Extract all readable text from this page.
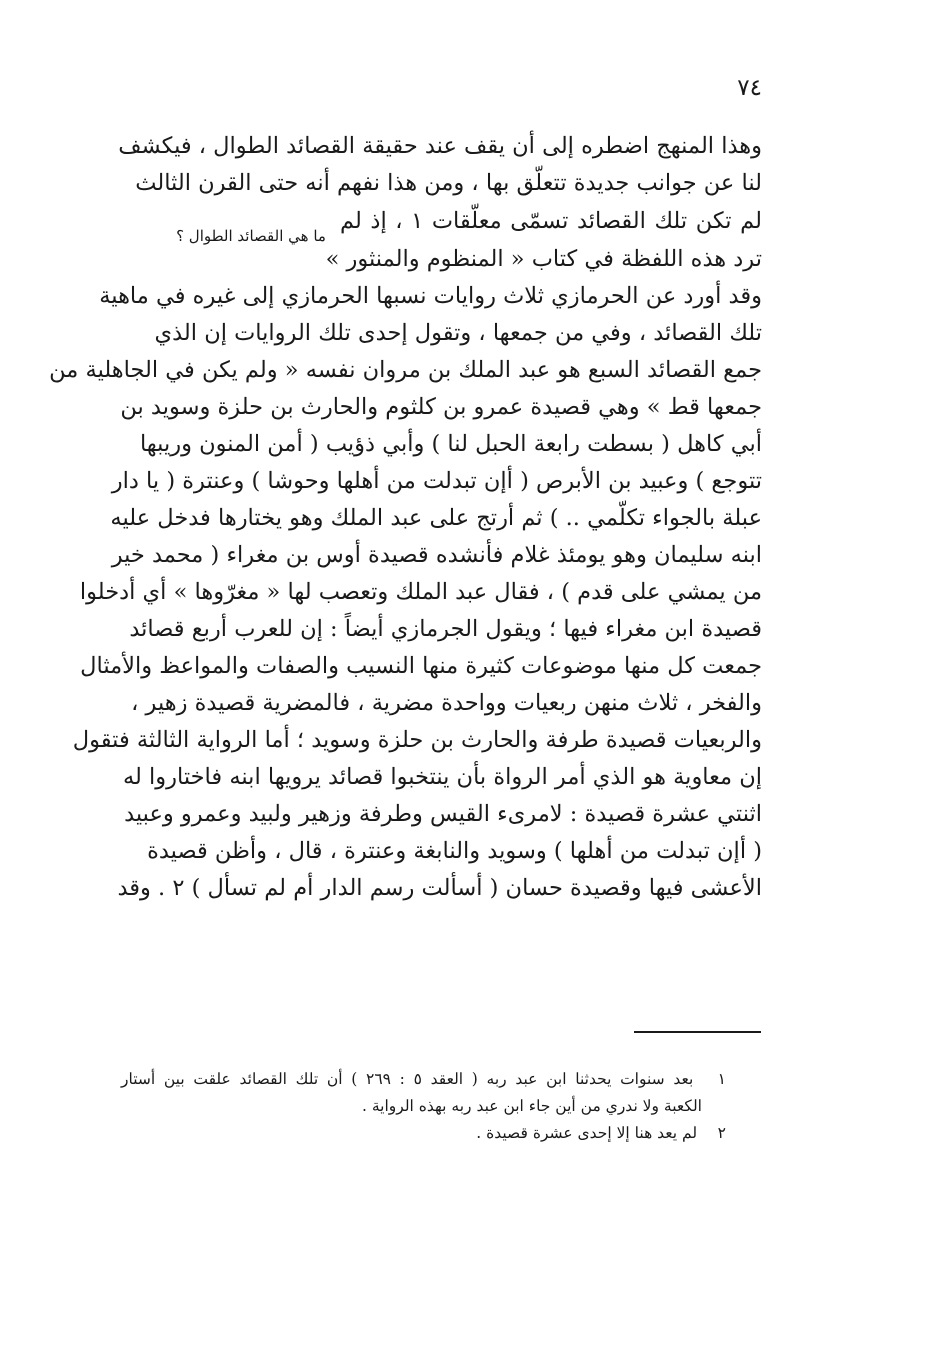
٧٤
وهذا المنهج اضطره إلى أن يقف عند حقيقة القصائد الطوال ، فيكشف
لنا عن جوانب جديدة تتعلّق بها ، ومن هذا نفهم أنه حتى القرن الثالث
لم تكن تلك القصائد تسمّى معلّقات ١ ، إذ لم
ترد هذه اللفظة في كتاب « المنظوم والمنثور »
ما هي القصائد الطوال ؟
وقد أورد عن الحرمازي ثلاث روايات نسبها الحرمازي إلى غيره في ماهية
تلك القصائد ، وفي من جمعها ، وتقول إحدى تلك الروايات إن الذي
جمع القصائد السبع هو عبد الملك بن مروان نفسه « ولم يكن في الجاهلية من
جمعها قط » وهي قصيدة عمرو بن كلثوم والحارث بن حلزة وسويد بن
أبي كاهل ( بسطت رابعة الحبل لنا ) وأبي ذؤيب ( أمن المنون وريبها
تتوجع ) وعبيد بن الأبرص ( أإن تبدلت من أهلها وحوشا ) وعنترة ( يا دار
عبلة بالجواء تكلّمي .. ) ثم أرتج على عبد الملك وهو يختارها فدخل عليه
ابنه سليمان وهو يومئذ غلام فأنشده قصيدة أوس بن مغراء ( محمد خير
من يمشي على قدم ) ، فقال عبد الملك وتعصب لها « مغرّوها » أي أدخلوا
قصيدة ابن مغراء فيها ؛ ويقول الجرمازي أيضاً : إن للعرب أربع قصائد
جمعت كل منها موضوعات كثيرة منها النسيب والصفات والمواعظ والأمثال
والفخر ، ثلاث منهن ربعيات وواحدة مضرية ، فالمضرية قصيدة زهير ،
والربعيات قصيدة طرفة والحارث بن حلزة وسويد ؛ أما الرواية الثالثة فتقول
إن معاوية هو الذي أمر الرواة بأن ينتخبوا قصائد يرويها ابنه فاختاروا له
اثنتي عشرة قصيدة : لامرىء القيس وطرفة وزهير ولبيد وعمرو وعبيد
( أإن تبدلت من أهلها ) وسويد والنابغة وعنترة ، قال ، وأظن قصيدة
الأعشى فيها وقصيدة حسان ( أسألت رسم الدار أم لم تسأل ) ٢ . وقد
١ بعد سنوات يحدثنا ابن عبد ربه ( العقد ٥ : ٢٦٩ ) أن تلك القصائد علقت بين أستار
الكعبة ولا ندري من أين جاء ابن عبد ربه بهذه الرواية .
٢ لم يعد هنا إلا إحدى عشرة قصيدة .
